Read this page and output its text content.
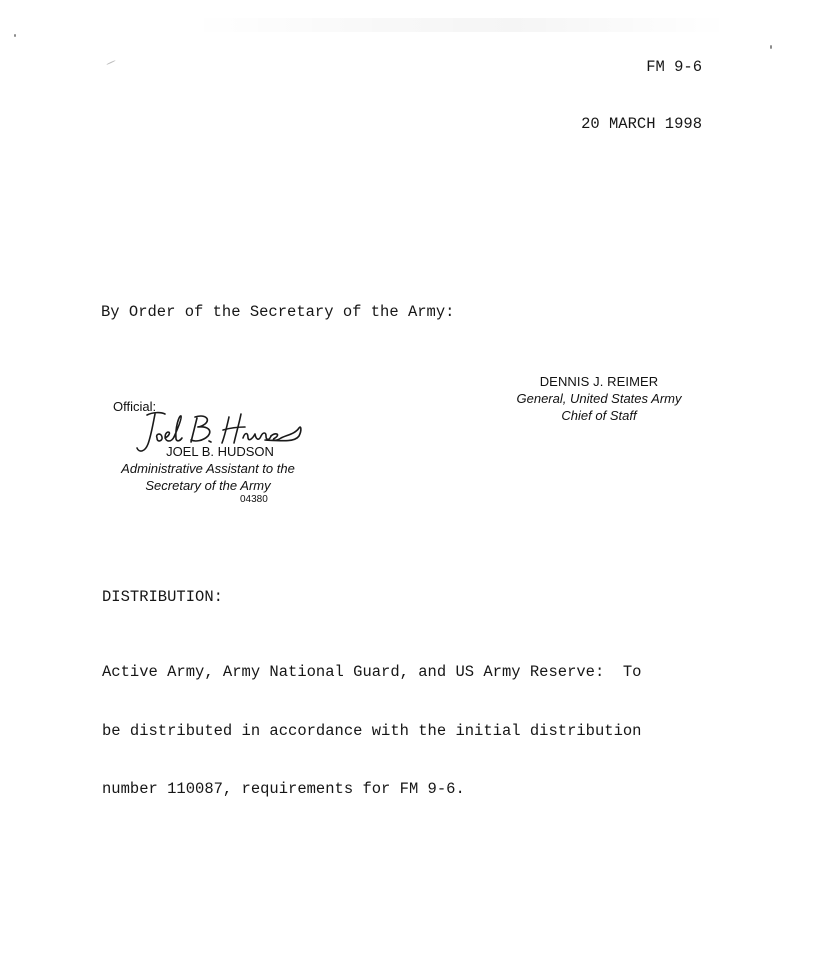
FM 9-6

20 MARCH 1998

By Order of the Secretary of the Army:
DENNIS J. REIMER
General, United States Army
Chief of Staff
Official:
JOEL B. HUDSON
Administrative Assistant to the
Secretary of the Army
04380
DISTRIBUTION:

Active Army, Army National Guard, and US Army Reserve:  To

be distributed in accordance with the initial distribution

number 110087, requirements for FM 9-6.
